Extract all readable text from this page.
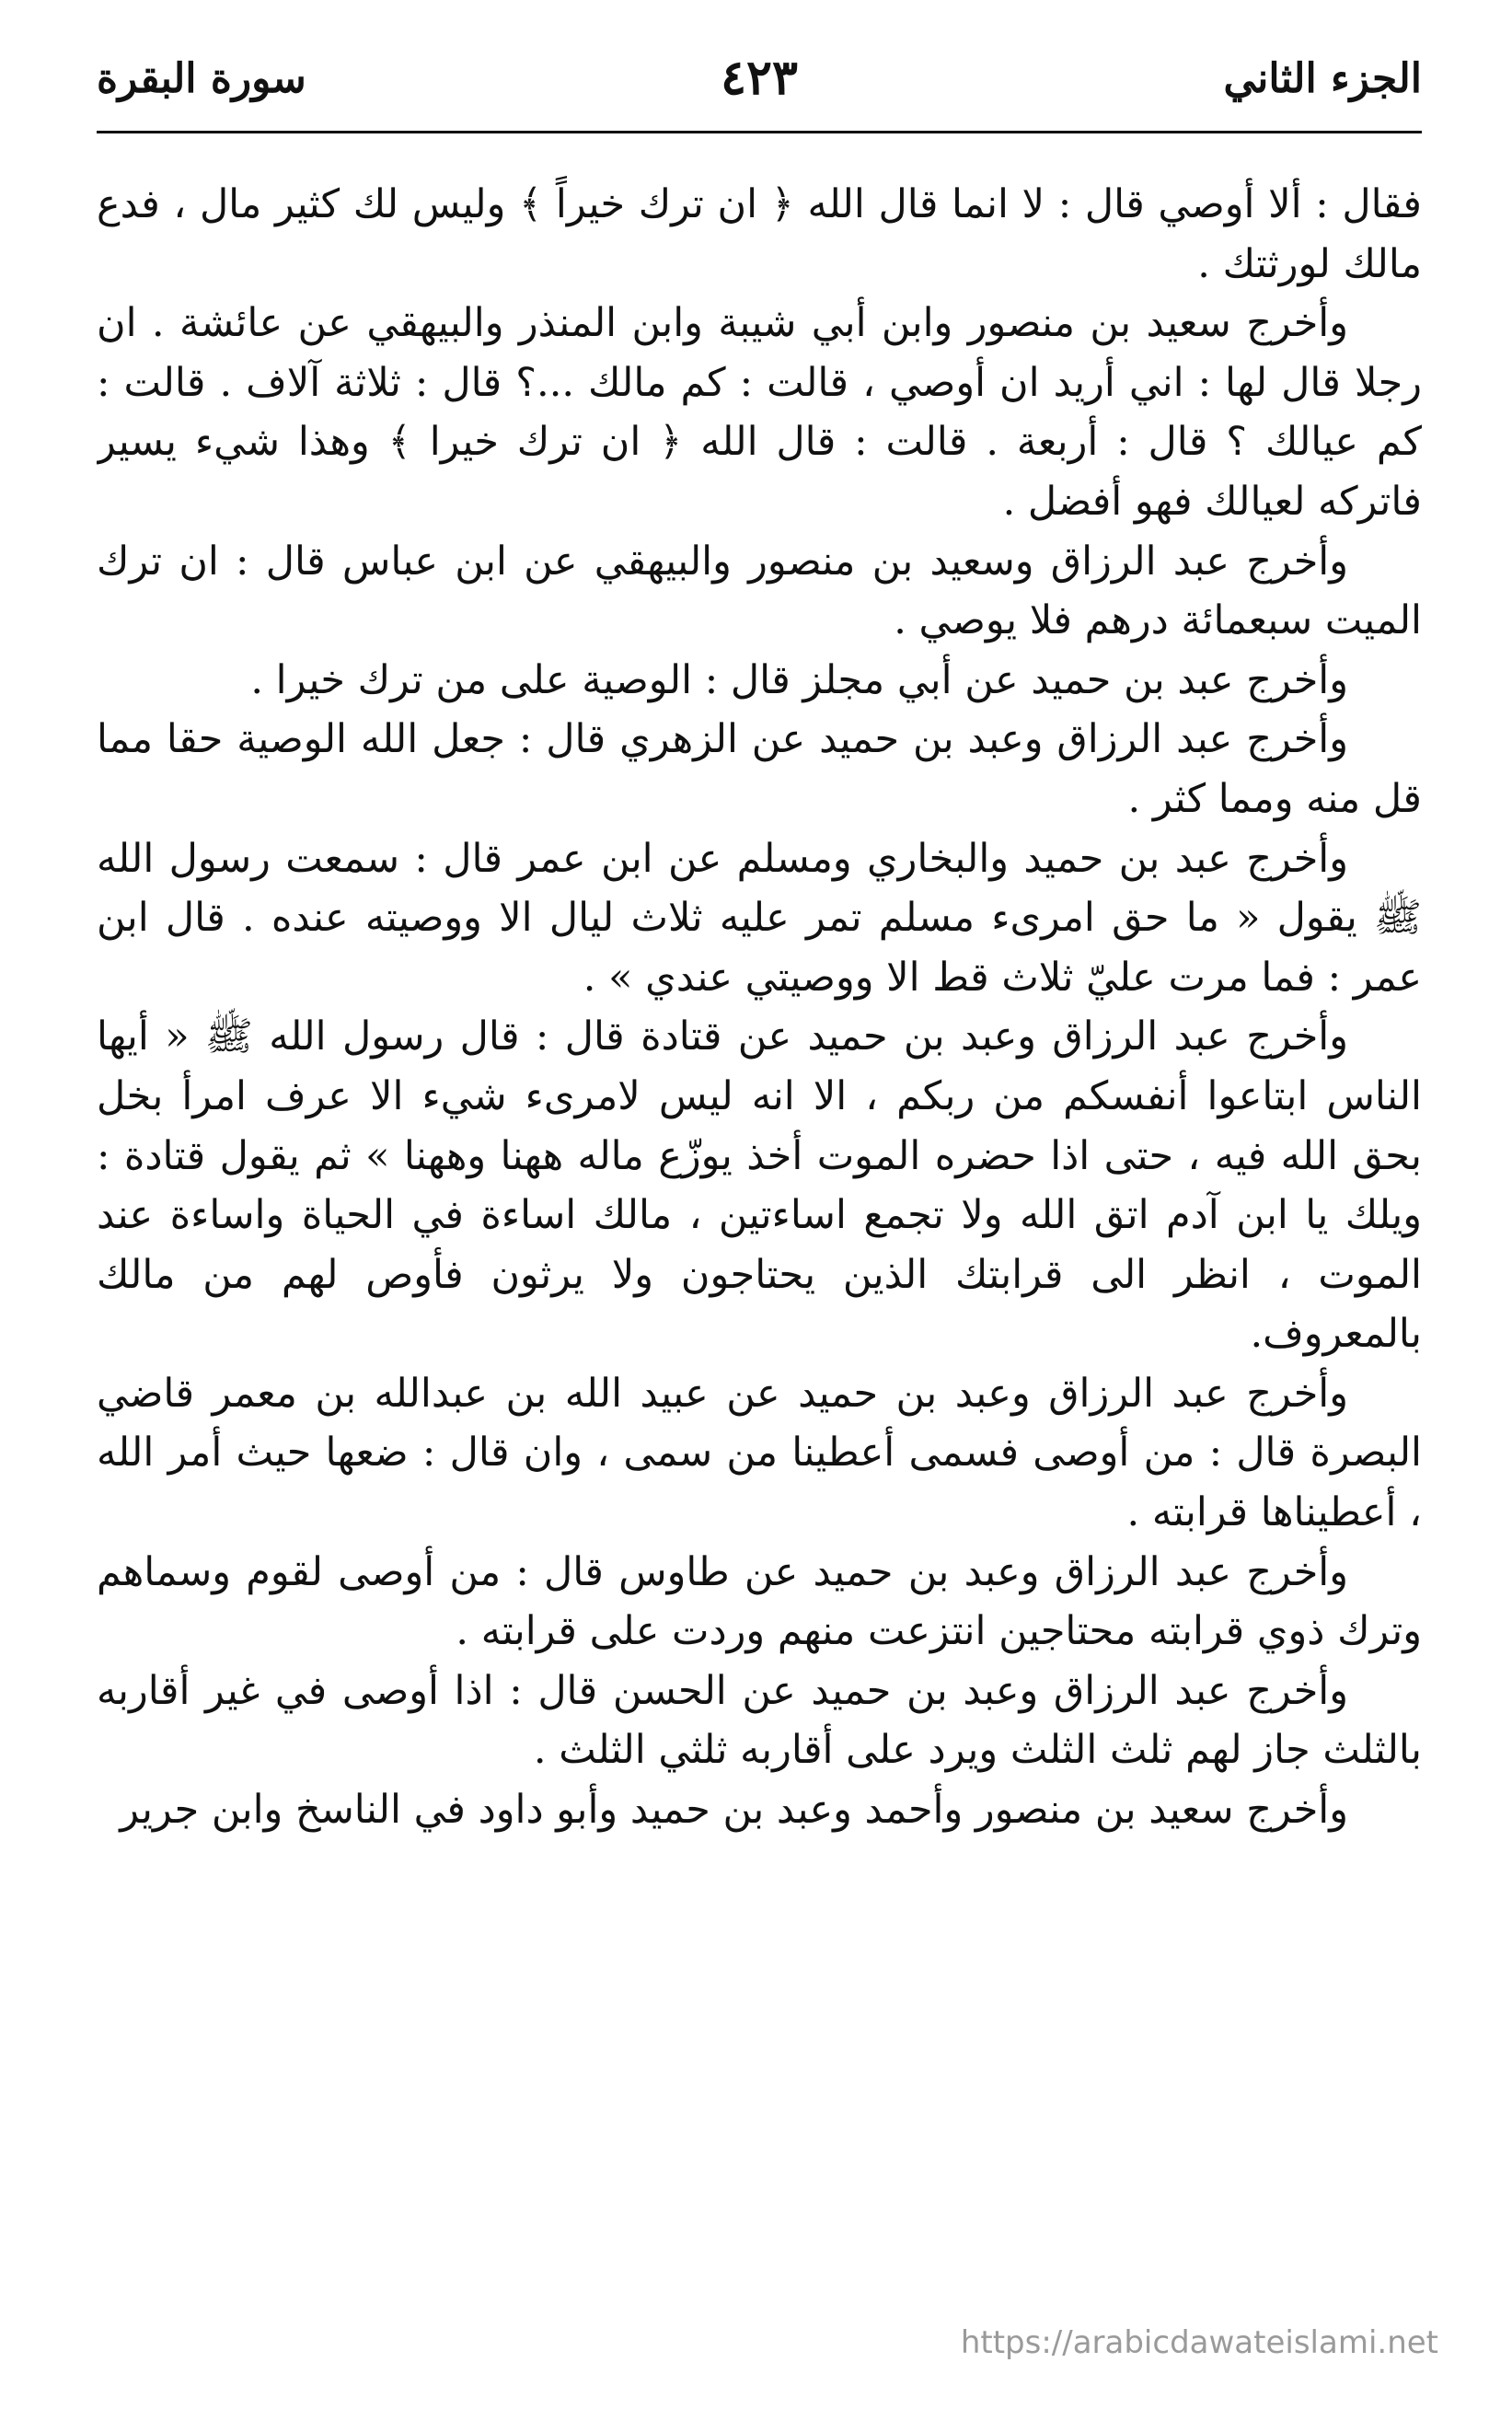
الجزء الثاني
٤٢٣
سورة البقرة

فقال : ألا أوصي قال : لا انما قال الله ﴿ ان ترك خيراً ﴾ وليس لك كثير مال ، فدع مالك لورثتك .

وأخرج سعيد بن منصور وابن أبي شيبة وابن المنذر والبيهقي عن عائشة . ان رجلا قال لها : اني أريد ان أوصي ، قالت : كم مالك ...؟ قال : ثلاثة آلاف . قالت : كم عيالك ؟ قال : أربعة . قالت : قال الله ﴿ ان ترك خيرا ﴾ وهذا شيء يسير فاتركه لعيالك فهو أفضل .

وأخرج عبد الرزاق وسعيد بن منصور والبيهقي عن ابن عباس قال : ان ترك الميت سبعمائة درهم فلا يوصي .

وأخرج عبد بن حميد عن أبي مجلز قال : الوصية على من ترك خيرا .

وأخرج عبد الرزاق وعبد بن حميد عن الزهري قال : جعل الله الوصية حقا مما قل منه ومما كثر .

وأخرج عبد بن حميد والبخاري ومسلم عن ابن عمر قال : سمعت رسول الله ﷺ يقول « ما حق امرىء مسلم تمر عليه ثلاث ليال الا ووصيته عنده . قال ابن عمر : فما مرت عليّ ثلاث قط الا ووصيتي عندي » .

وأخرج عبد الرزاق وعبد بن حميد عن قتادة قال : قال رسول الله ﷺ « أيها الناس ابتاعوا أنفسكم من ربكم ، الا انه ليس لامرىء شيء الا عرف امرأ بخل بحق الله فيه ، حتى اذا حضره الموت أخذ يوزّع ماله ههنا وههنا » ثم يقول قتادة : ويلك يا ابن آدم اتق الله ولا تجمع اساءتين ، مالك اساءة في الحياة واساءة عند الموت ، انظر الى قرابتك الذين يحتاجون ولا يرثون فأوص لهم من مالك بالمعروف.

وأخرج عبد الرزاق وعبد بن حميد عن عبيد الله بن عبدالله بن معمر قاضي البصرة قال : من أوصى فسمى أعطينا من سمى ، وان قال : ضعها حيث أمر الله ، أعطيناها قرابته .

وأخرج عبد الرزاق وعبد بن حميد عن طاوس قال : من أوصى لقوم وسماهم وترك ذوي قرابته محتاجين انتزعت منهم وردت على قرابته .

وأخرج عبد الرزاق وعبد بن حميد عن الحسن قال : اذا أوصى في غير أقاربه بالثلث جاز لهم ثلث الثلث ويرد على أقاربه ثلثي الثلث .

وأخرج سعيد بن منصور وأحمد وعبد بن حميد وأبو داود في الناسخ وابن جرير

https://arabicdawateislami.net
